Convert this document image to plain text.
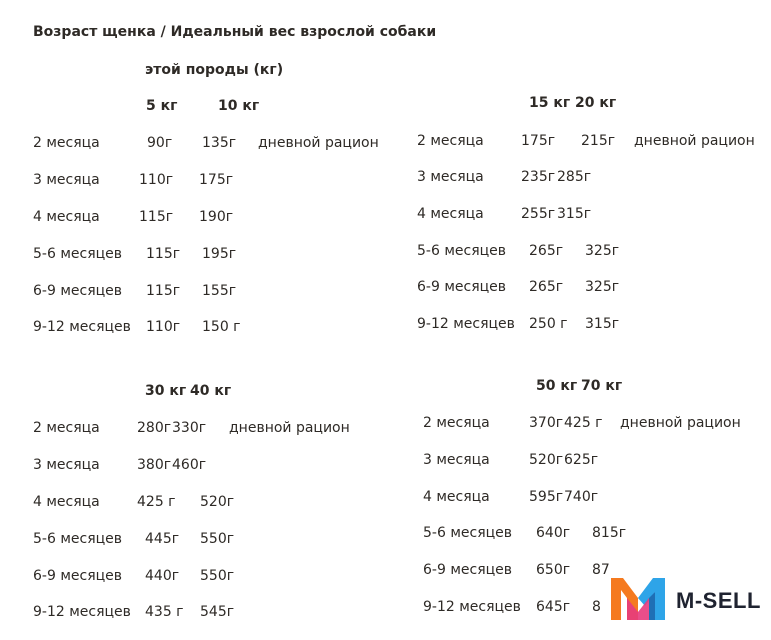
Возраст щенка / Идеальный вес взрослой собаки
этой породы (кг)
5 кг	10 кг
дневной рацион
2 месяца	90г 135г
3 месяца	110г 175г
4 месяца	115г 190г
5-6 месяцев 115г 195г
6-9 месяцев 115г 155г
9-12 месяцев 110г 150 г
15 кг 20 кг
дневной рацион
2 месяца	175г 215г
3 месяца	235г 285г
4 месяца	255г 315г
5-6 месяцев 265г 325г
6-9 месяцев 265г 325г
9-12 месяцев 250 г 315г
30 кг 40 кг
дневной рацион
2 месяца	280г 330г
3 месяца	380г 460г
4 месяца	425 г 520г
5-6 месяцев 445г 550г
6-9 месяцев 440г 550г
9-12 месяцев 435 г 545г
50 кг 70 кг
дневной рацион
2 месяца	370г 425 г
3 месяца	520г 625г
4 месяца	595г 740г
5-6 месяцев 640г 815г
6-9 месяцев 650г 87
9-12 месяцев 645г 8	M-SELL
